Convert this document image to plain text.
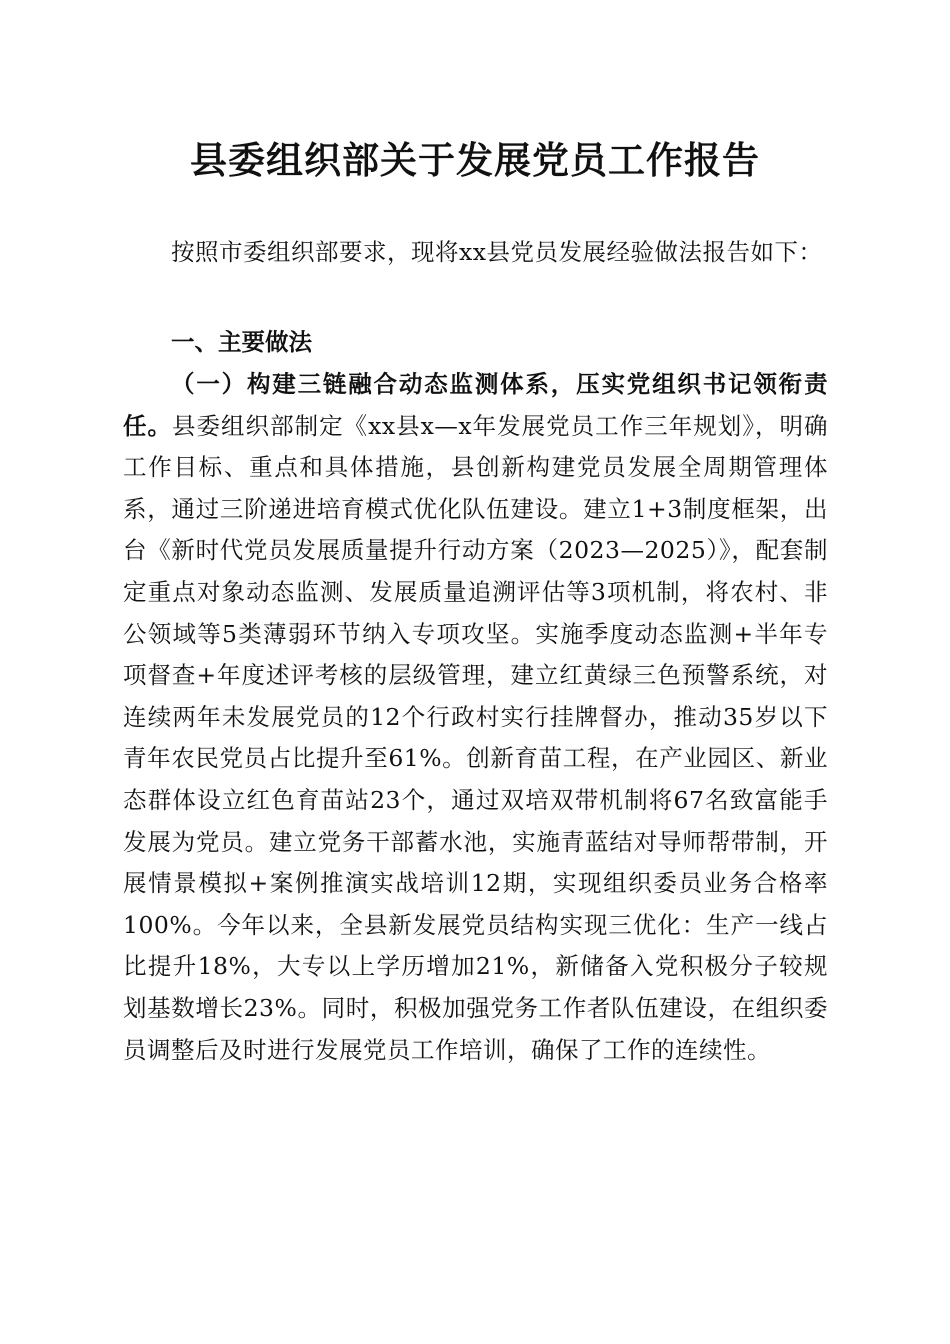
县委组织部关于发展党员工作报告
按照市委组织部要求，现将xx县党员发展经验做法报告如下：
一、主要做法
（一）构建三链融合动态监测体系，压实党组织书记领衔责任。县委组织部制定《xx县x—x年发展党员工作三年规划》，明确工作目标、重点和具体措施，县创新构建党员发展全周期管理体系，通过三阶递进培育模式优化队伍建设。建立1+3制度框架，出台《新时代党员发展质量提升行动方案（2023—2025）》，配套制定重点对象动态监测、发展质量追溯评估等3项机制，将农村、非公领域等5类薄弱环节纳入专项攻坚。实施季度动态监测+半年专项督查+年度述评考核的层级管理，建立红黄绿三色预警系统，对连续两年未发展党员的12个行政村实行挂牌督办，推动35岁以下青年农民党员占比提升至61%。创新育苗工程，在产业园区、新业态群体设立红色育苗站23个，通过双培双带机制将67名致富能手发展为党员。建立党务干部蓄水池，实施青蓝结对导师帮带制，开展情景模拟+案例推演实战培训12期，实现组织委员业务合格率100%。今年以来，全县新发展党员结构实现三优化：生产一线占比提升18%，大专以上学历增加21%，新储备入党积极分子较规划基数增长23%。同时，积极加强党务工作者队伍建设，在组织委员调整后及时进行发展党员工作培训，确保了工作的连续性。
